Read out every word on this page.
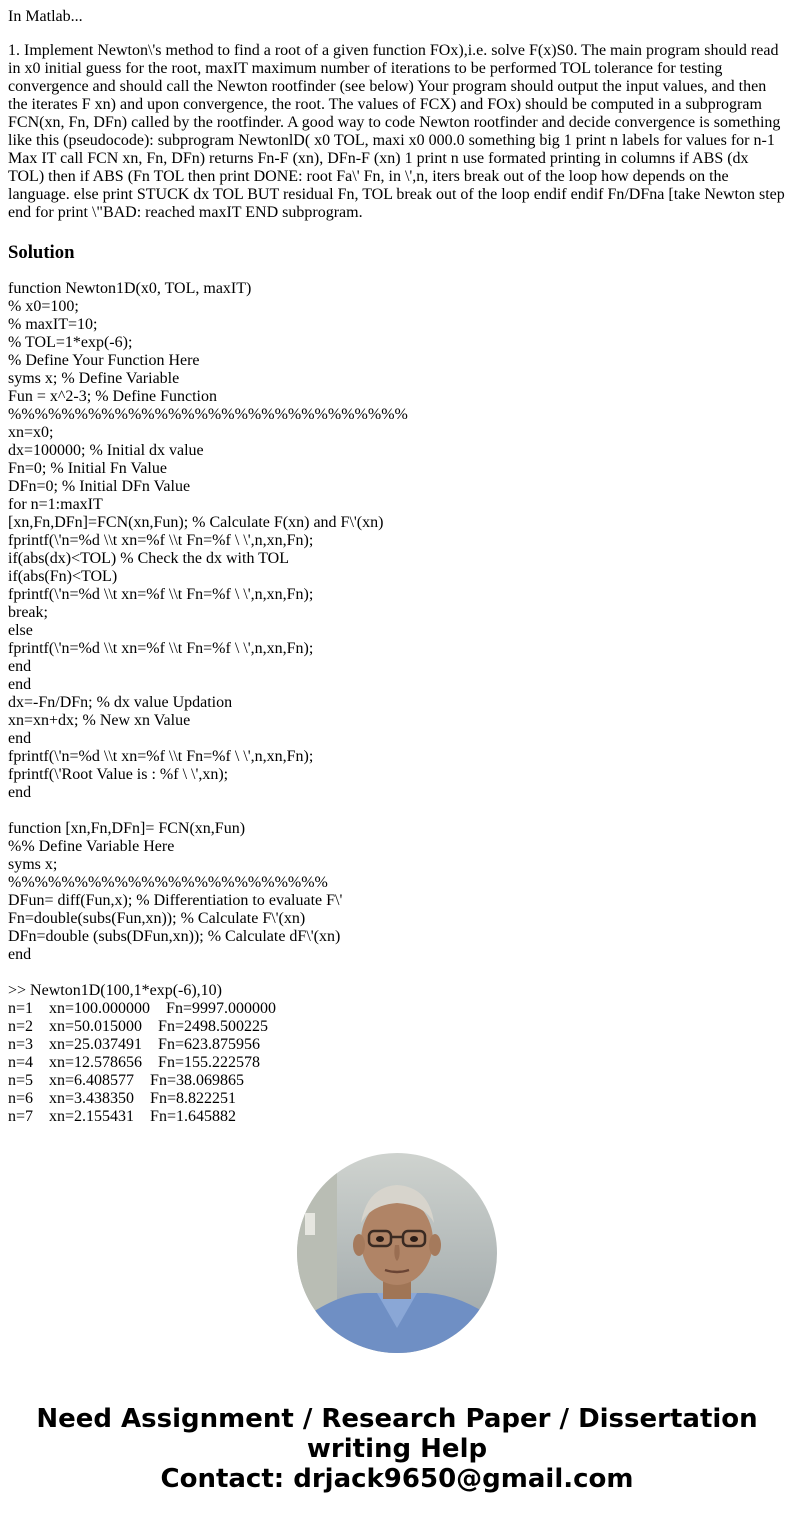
In Matlab...

1. Implement Newton\'s method to find a root of a given function FOx),i.e. solve F(x)S0. The main program should read in x0 initial guess for the root, maxIT maximum number of iterations to be performed TOL tolerance for testing convergence and should call the Newton rootfinder (see below) Your program should output the input values, and then the iterates F xn) and upon convergence, the root. The values of FCX) and FOx) should be computed in a subprogram FCN(xn, Fn, DFn) called by the rootfinder. A good way to code Newton rootfinder and decide convergence is something like this (pseudocode): subprogram NewtonlD( x0 TOL, maxi x0 000.0 something big 1 print n labels for values for n-1 Max IT call FCN xn, Fn, DFn) returns Fn-F (xn), DFn-F (xn) 1 print n use formated printing in columns if ABS (dx TOL) then if ABS (Fn TOL then print DONE: root Fa\' Fn, in \',n, iters break out of the loop how depends on the language. else print STUCK dx TOL BUT residual Fn, TOL break out of the loop endif endif Fn/DFna [take Newton step end for print \"BAD: reached maxIT END subprogram.

Solution
function Newton1D(x0, TOL, maxIT)
% x0=100;
% maxIT=10;
% TOL=1*exp(-6);
% Define Your Function Here
syms x; % Define Variable
Fun = x^2-3; % Define Function
%%%%%%%%%%%%%%%%%%%%%%%%%%%%%%
xn=x0;
dx=100000; % Initial dx value
Fn=0; % Initial Fn Value
DFn=0; % Initial DFn Value
for n=1:maxIT
[xn,Fn,DFn]=FCN(xn,Fun); % Calculate F(xn) and F\'(xn)
fprintf(\'n=%d \\t xn=%f \\t Fn=%f \ \',n,xn,Fn);
if(abs(dx)<TOL) % Check the dx with TOL
if(abs(Fn)<TOL)
fprintf(\'n=%d \\t xn=%f \\t Fn=%f \ \',n,xn,Fn);
break;
else
fprintf(\'n=%d \\t xn=%f \\t Fn=%f \ \',n,xn,Fn);
end
end
dx=-Fn/DFn; % dx value Updation
xn=xn+dx; % New xn Value
end
fprintf(\'n=%d \\t xn=%f \\t Fn=%f \ \',n,xn,Fn);
fprintf(\'Root Value is : %f \ \',xn);
end
function [xn,Fn,DFn]= FCN(xn,Fun)
%% Define Variable Here
syms x;
%%%%%%%%%%%%%%%%%%%%%%%%
DFun= diff(Fun,x); % Differentiation to evaluate F\'
Fn=double(subs(Fun,xn)); % Calculate F\'(xn)
DFn=double (subs(DFun,xn)); % Calculate dF\'(xn)
end
>> Newton1D(100,1*exp(-6),10)
n=1    xn=100.000000    Fn=9997.000000
n=2    xn=50.015000    Fn=2498.500225
n=3    xn=25.037491    Fn=623.875956
n=4    xn=12.578656    Fn=155.222578
n=5    xn=6.408577    Fn=38.069865
n=6    xn=3.438350    Fn=8.822251
n=7    xn=2.155431    Fn=1.645882
Need Assignment / Research Paper / Dissertation
writing Help
Contact: drjack9650@gmail.com
